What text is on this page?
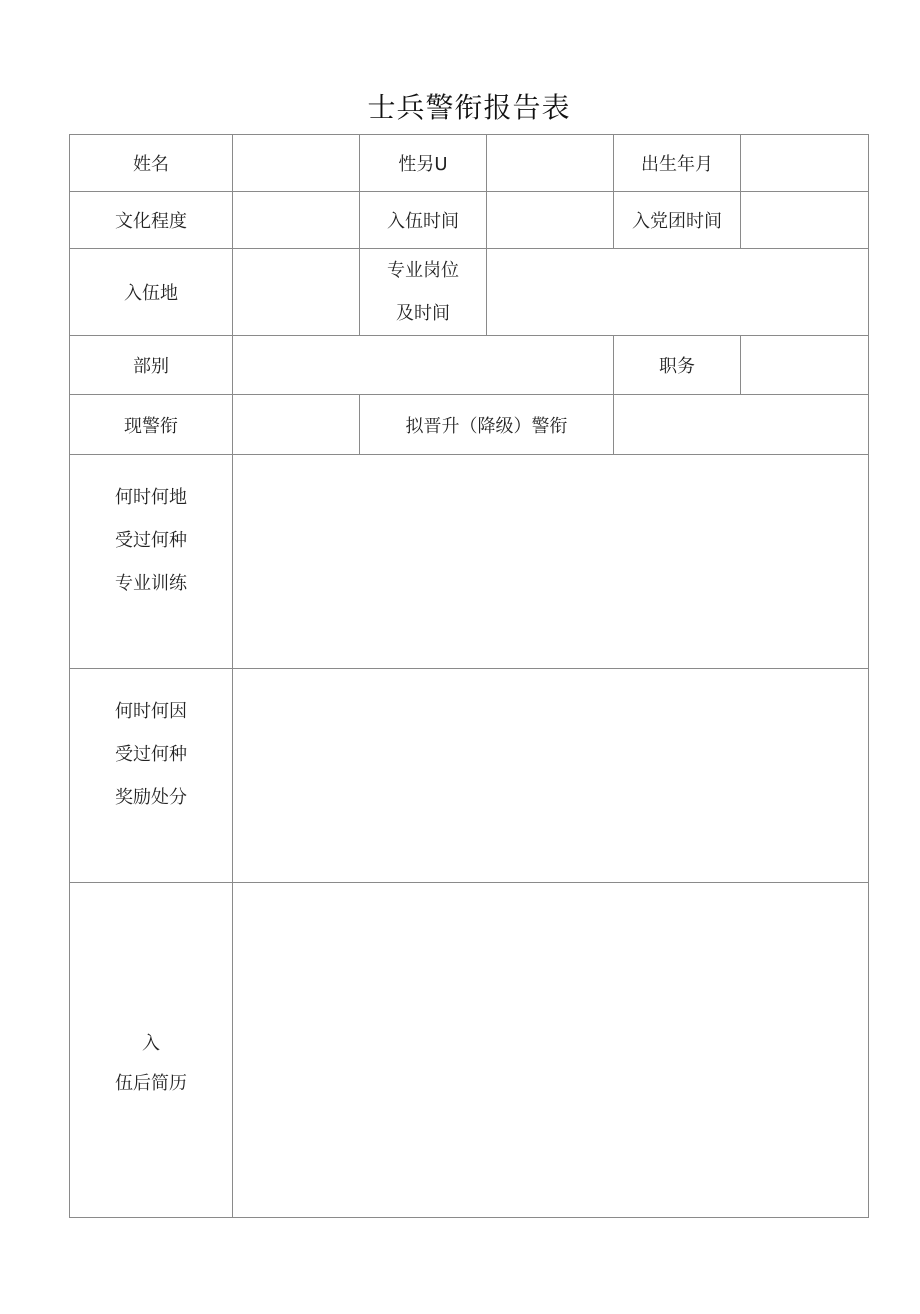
士兵警衔报告表
姓名		性另U		出生年月	
文化程度		入伍时间		入党团时间	
入伍地		专业岗位
及时间			

部别				职务	
现警衔		拟晋升（降级）警衔			

何时何地
受过何种
专业训练					

何时何因
受过何种
奖励处分					

入
伍后简历					
